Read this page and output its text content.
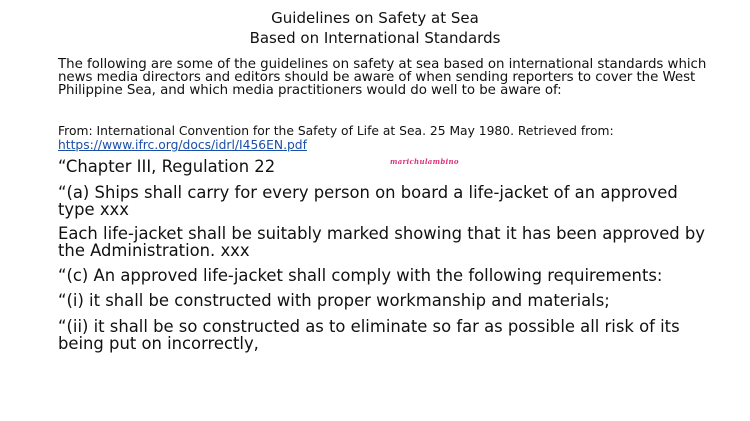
Guidelines on Safety at Sea
Based on International Standards
The following are some of the guidelines on safety at sea based on international standards which news media directors and editors should be aware of when sending reporters to cover the West Philippine Sea, and which media practitioners would do well to be aware of:
From: International Convention for the Safety of Life at Sea. 25 May 1980. Retrieved from:
https://www.ifrc.org/docs/idrl/I456EN.pdf
marichulambino

“Chapter III, Regulation 22

“(a) Ships shall carry for every person on board a life-jacket of an approved type xxx

Each life-jacket shall be suitably marked showing that it has been approved by the Administration. xxx

“(c) An approved life-jacket shall comply with the following requirements:

“(i) it shall be constructed with proper workmanship and materials;

“(ii) it shall be so constructed as to eliminate so far as possible all risk of its being put on incorrectly,
